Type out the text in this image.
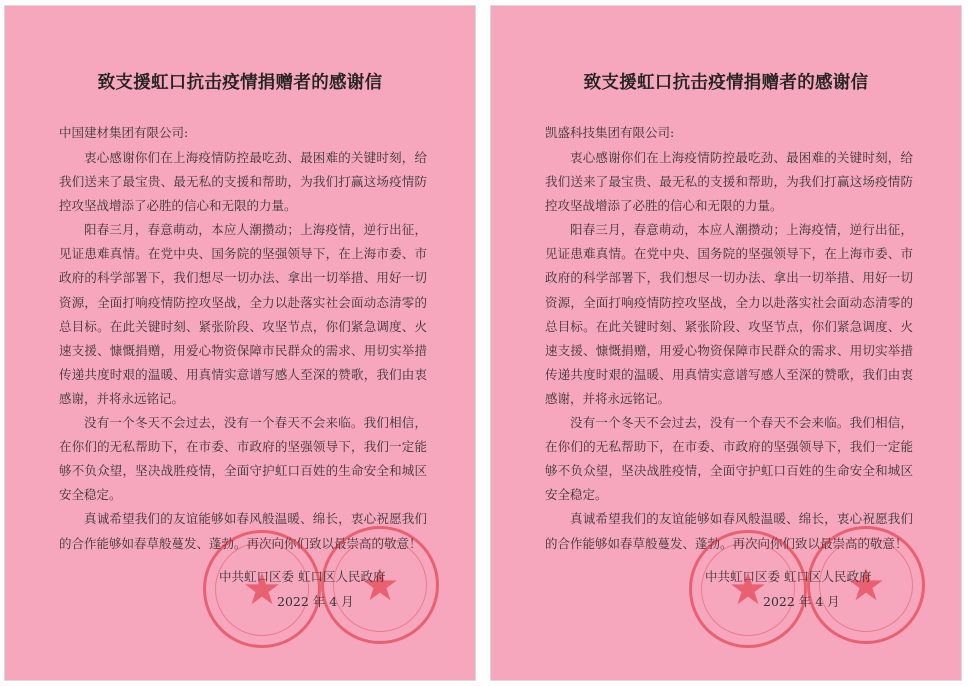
致支援虹口抗击疫情捐赠者的感谢信
中国建材集团有限公司:

衷心感谢你们在上海疫情防控最吃劲、最困难的关键时刻，给我们送来了最宝贵、最无私的支援和帮助，为我们打赢这场疫情防控攻坚战增添了必胜的信心和无限的力量。

阳春三月，春意萌动，本应人潮攒动；上海疫情，逆行出征，见证患难真情。在党中央、国务院的坚强领导下，在上海市委、市政府的科学部署下，我们想尽一切办法、拿出一切举措、用好一切资源，全面打响疫情防控攻坚战，全力以赴落实社会面动态清零的总目标。在此关键时刻、紧张阶段、攻坚节点，你们紧急调度、火速支援、慷慨捐赠，用爱心物资保障市民群众的需求、用切实举措传递共度时艰的温暖、用真情实意谱写感人至深的赞歌，我们由衷感谢，并将永远铭记。

没有一个冬天不会过去，没有一个春天不会来临。我们相信，在你们的无私帮助下，在市委、市政府的坚强领导下，我们一定能够不负众望，坚决战胜疫情，全面守护虹口百姓的生命安全和城区安全稳定。

真诚希望我们的友谊能够如春风般温暖、绵长，衷心祝愿我们的合作能够如春草般蔓发、蓬勃。再次向你们致以最崇高的敬意！

★	★
中共虹口区委 虹口区人民政府
2022 年 4 月
致支援虹口抗击疫情捐赠者的感谢信
凯盛科技集团有限公司:

衷心感谢你们在上海疫情防控最吃劲、最困难的关键时刻，给我们送来了最宝贵、最无私的支援和帮助，为我们打赢这场疫情防控攻坚战增添了必胜的信心和无限的力量。

阳春三月，春意萌动，本应人潮攒动；上海疫情，逆行出征，见证患难真情。在党中央、国务院的坚强领导下，在上海市委、市政府的科学部署下，我们想尽一切办法、拿出一切举措、用好一切资源，全面打响疫情防控攻坚战，全力以赴落实社会面动态清零的总目标。在此关键时刻、紧张阶段、攻坚节点，你们紧急调度、火速支援、慷慨捐赠，用爱心物资保障市民群众的需求、用切实举措传递共度时艰的温暖、用真情实意谱写感人至深的赞歌，我们由衷感谢，并将永远铭记。

没有一个冬天不会过去，没有一个春天不会来临。我们相信，在你们的无私帮助下，在市委、市政府的坚强领导下，我们一定能够不负众望，坚决战胜疫情，全面守护虹口百姓的生命安全和城区安全稳定。

真诚希望我们的友谊能够如春风般温暖、绵长，衷心祝愿我们的合作能够如春草般蔓发、蓬勃。再次向你们致以最崇高的敬意！

★	★
中共虹口区委 虹口区人民政府
2022 年 4 月
